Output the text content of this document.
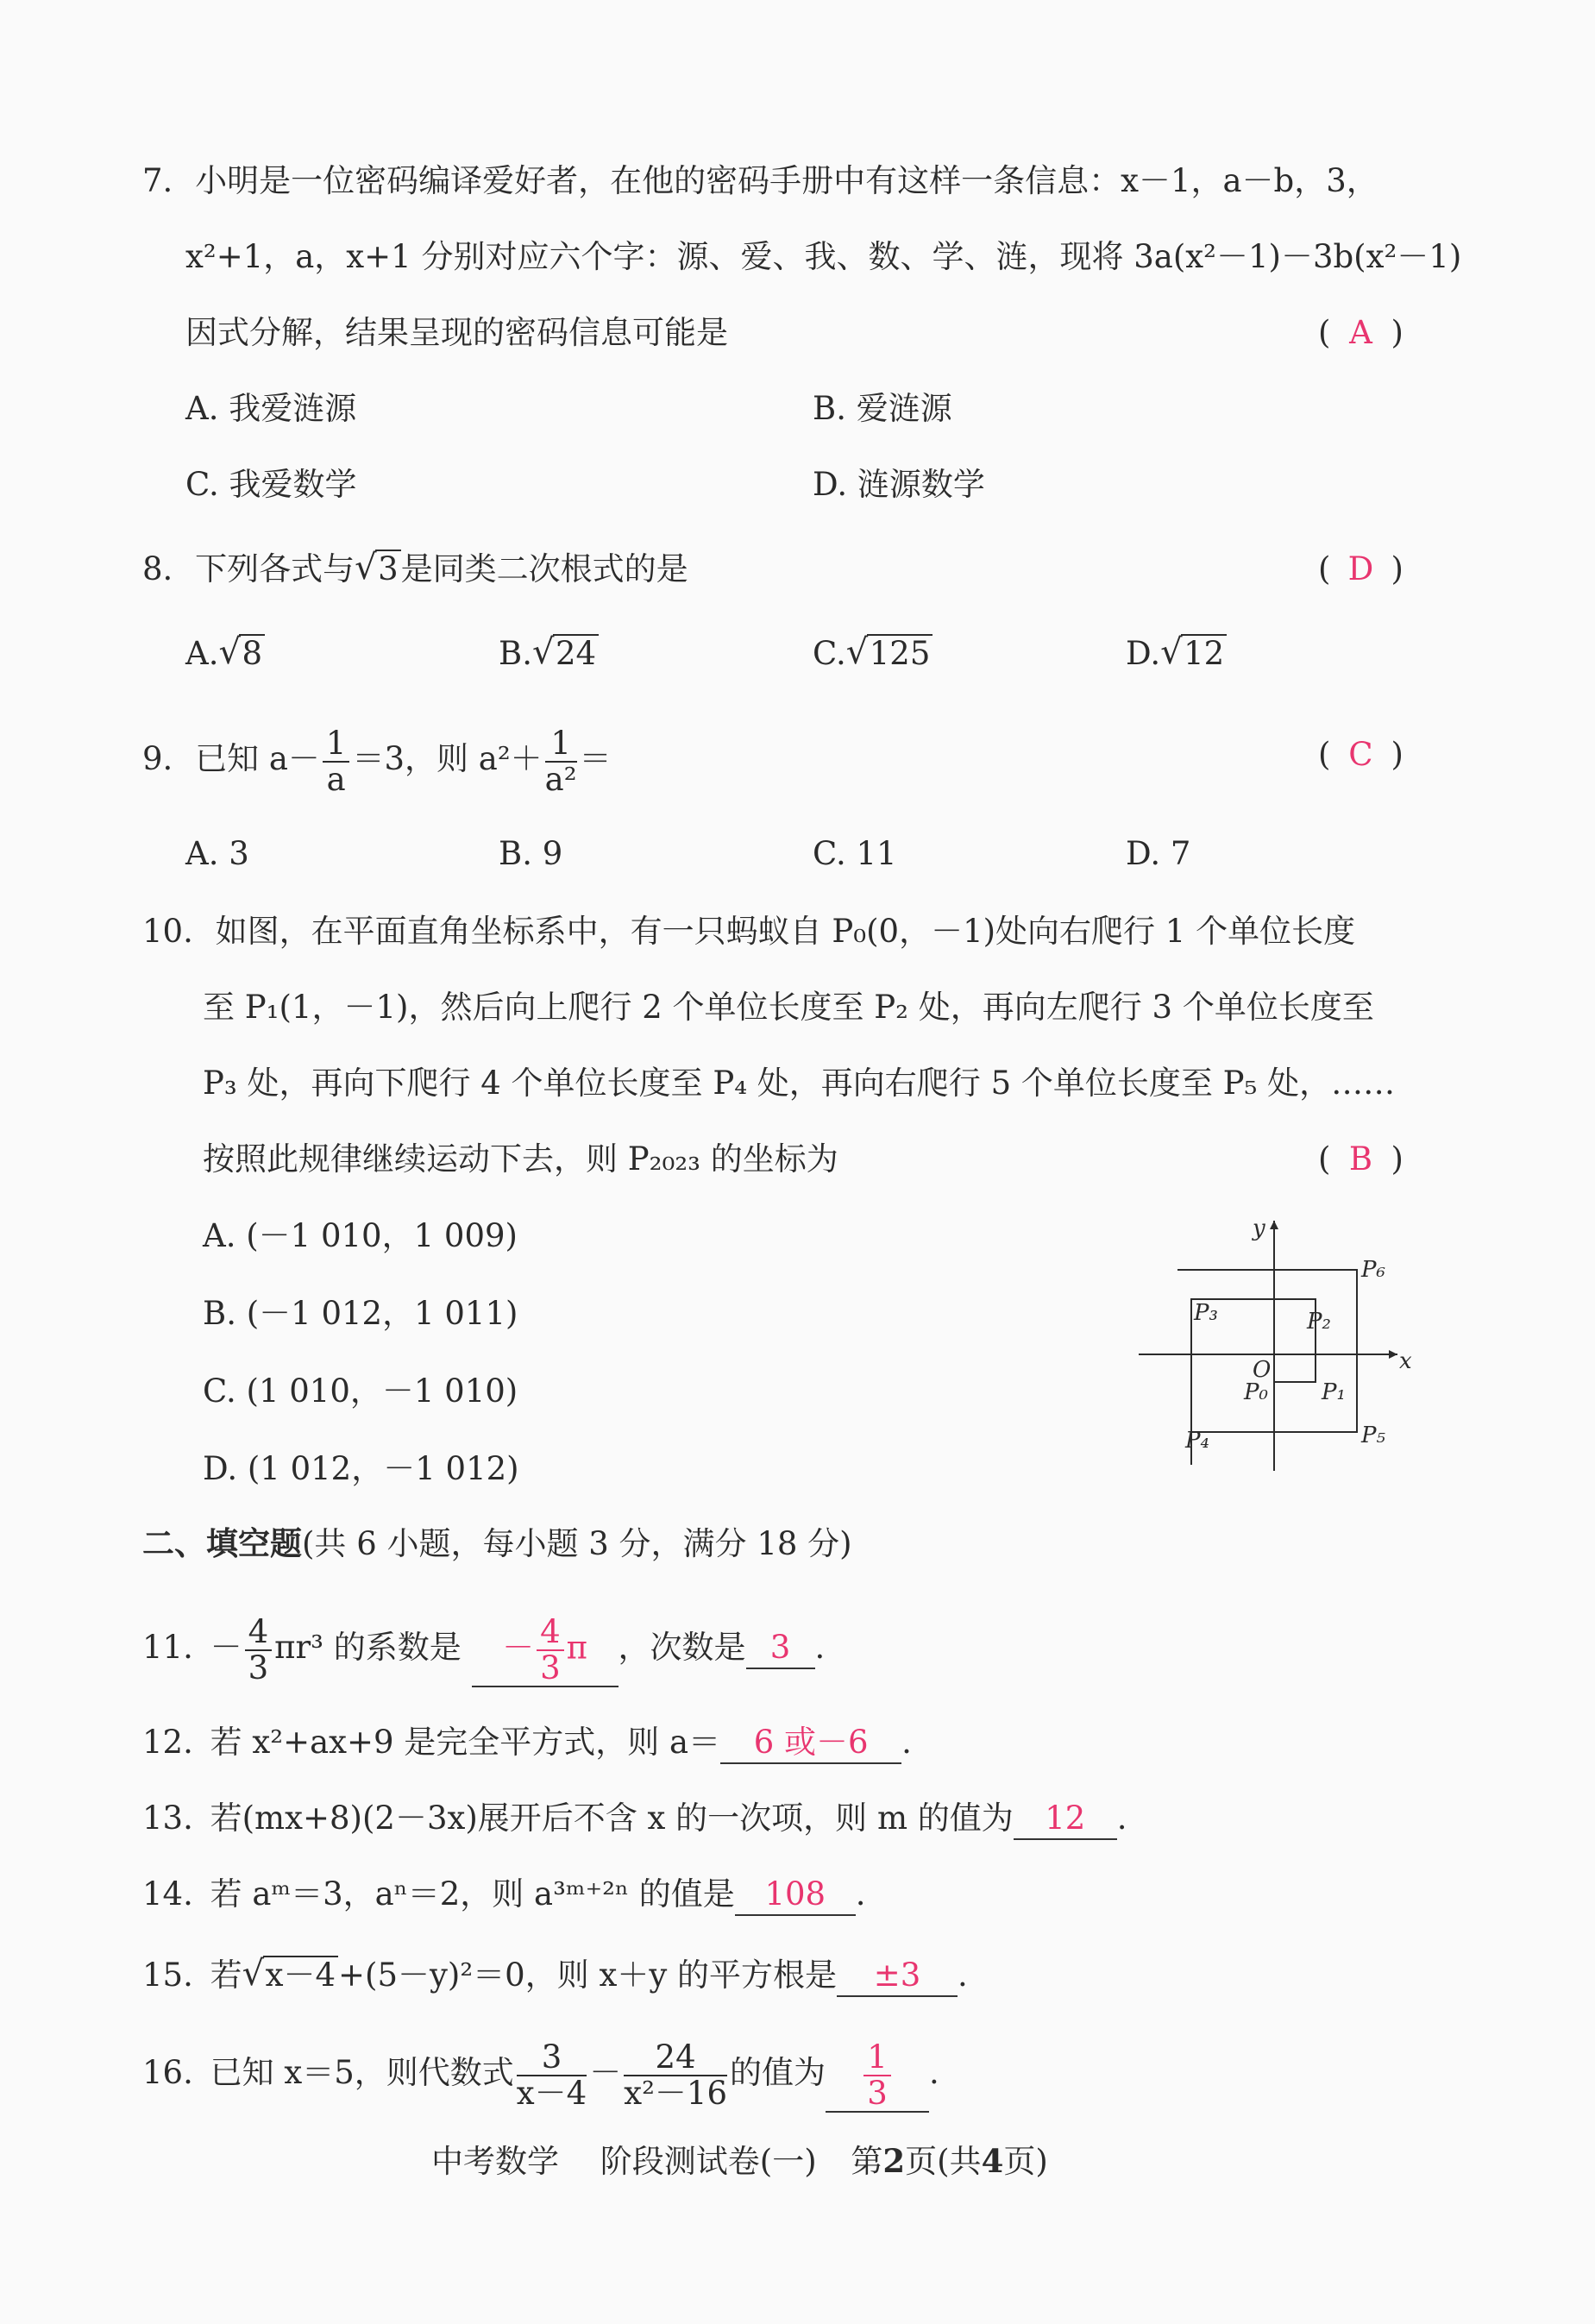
7. 小明是一位密码编译爱好者，在他的密码手册中有这样一条信息：x－1，a－b，3，
x²+1，a，x+1 分别对应六个字：源、爱、我、数、学、涟，现将 3a(x²－1)－3b(x²－1)
因式分解，结果呈现的密码信息可能是	( A )
A. 我爱涟源	B. 爱涟源
C. 我爱数学	D. 涟源数学
8. 下列各式与 √ 3是同类二次根式的是	( D )
A. √ 8	B. √ 24	C. √ 125	D. √ 12
9. 已知 $a- \frac{1}{a} =3$，则 $a^2+ \frac{1}{\text{a²}}$ ＝	( C )
A. 3	B. 9	C. 11	D. 7
10. 如图，在平面直角坐标系中，有一只蚂蚁自 P₀(0，－1)处向右爬行 1 个单位长度
至 P₁(1，－1)，然后向上爬行 2 个单位长度至 P₂ 处，再向左爬行 3 个单位长度至
P₃ 处，再向下爬行 4 个单位长度至 P₄ 处，再向右爬行 5 个单位长度至 P₅ 处，……
按照此规律继续运动下去，则 P₂₀₂₃ 的坐标为	( B )
A. (－1 010，1 009)
B. (－1 012，1 011)
C. (1 010，－1 010)
D. (1 012，－1 012)
y
x
O
P₀ P₁
P₂
P₃
P₄	P₅
P₆
二、填空题(共 6 小题，每小题 3 分，满分 18 分)
11. － $\frac{4}{3} \pi r^3$ 的系数是 － $\frac{4}{3}$ π ，次数是 3 .
12. 若 x²+ax+9 是完全平方式，则 a＝ 6 或－6 .
13. 若(mx+8)(2－3x)展开后不含 x 的一次项，则 m 的值为 12 .
14. 若 aᵐ＝3，aⁿ＝2，则 a³ᵐ⁺²ⁿ 的值是 108 .
15. 若 √ x－4+(5－y)²＝0，则 x＋y 的平方根是 ±3 .
16. 已知 x＝5，则代数式 $\frac{3}{x-4} - \frac{24}{\text{x²－16}}$ 的值为 $\frac{1}{3}$ .
中考数学 阶段测试卷(一) 第2页(共4页)
